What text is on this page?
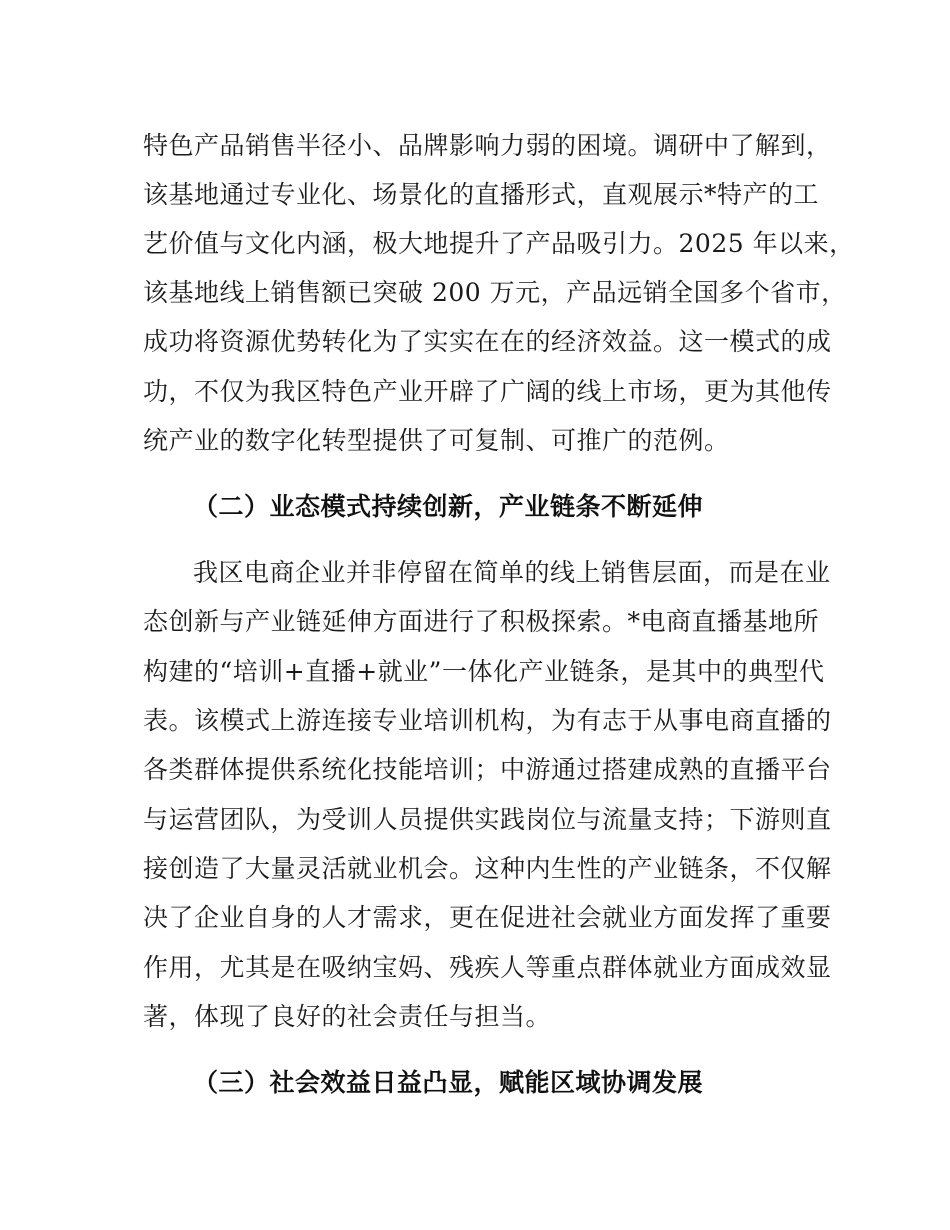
特色产品销售半径小、品牌影响力弱的困境。调研中了解到，

该基地通过专业化、场景化的直播形式，直观展示*特产的工

艺价值与文化内涵，极大地提升了产品吸引力。2025 年以来，

该基地线上销售额已突破 200 万元，产品远销全国多个省市，

成功将资源优势转化为了实实在在的经济效益。这一模式的成

功，不仅为我区特色产业开辟了广阔的线上市场，更为其他传

统产业的数字化转型提供了可复制、可推广的范例。

（二）业态模式持续创新，产业链条不断延伸

我区电商企业并非停留在简单的线上销售层面，而是在业

态创新与产业链延伸方面进行了积极探索。*电商直播基地所

构建的“培训+直播+就业”一体化产业链条，是其中的典型代

表。该模式上游连接专业培训机构，为有志于从事电商直播的

各类群体提供系统化技能培训；中游通过搭建成熟的直播平台

与运营团队，为受训人员提供实践岗位与流量支持；下游则直

接创造了大量灵活就业机会。这种内生性的产业链条，不仅解

决了企业自身的人才需求，更在促进社会就业方面发挥了重要

作用，尤其是在吸纳宝妈、残疾人等重点群体就业方面成效显

著，体现了良好的社会责任与担当。

（三）社会效益日益凸显，赋能区域协调发展
